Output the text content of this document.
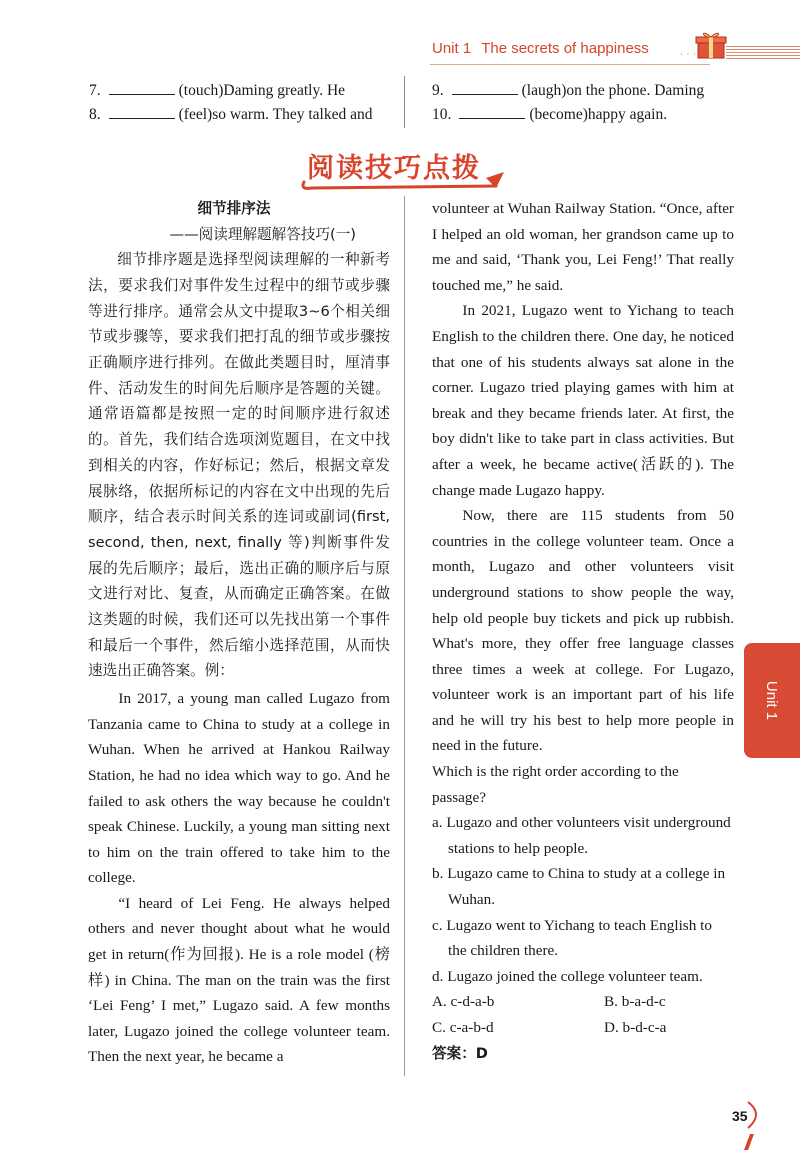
Unit 1 The secrets of happiness	· · ·
7.	(touch)Daming greatly. He
8.	(feel)so warm. They talked and
9.	(laugh)on the phone. Daming
10.	(become)happy again.
阅读技巧点拨

细节排序法

——阅读理解题解答技巧(一)

细节排序题是选择型阅读理解的一种新考法，要求我们对事件发生过程中的细节或步骤等进行排序。通常会从文中提取3~6个相关细节或步骤等，要求我们把打乱的细节或步骤按正确顺序进行排列。在做此类题目时，厘清事件、活动发生的时间先后顺序是答题的关键。通常语篇都是按照一定的时间顺序进行叙述的。首先，我们结合选项浏览题目，在文中找到相关的内容，作好标记；然后，根据文章发展脉络，依据所标记的内容在文中出现的先后顺序，结合表示时间关系的连词或副词(first, second, then, next, finally 等)判断事件发展的先后顺序；最后，选出正确的顺序后与原文进行对比、复查，从而确定正确答案。在做这类题的时候，我们还可以先找出第一个事件和最后一个事件，然后缩小选择范围，从而快速选出正确答案。例：

In 2017, a young man called Lugazo from Tanzania came to China to study at a college in Wuhan. When he arrived at Hankou Railway Station, he had no idea which way to go. And he failed to ask others the way because he couldn't speak Chinese. Luckily, a young man sitting next to him on the train offered to take him to the college.

“I heard of Lei Feng. He always helped others and never thought about what he would get in return(作为回报). He is a role model (榜样) in China. The man on the train was the first ‘Lei Feng’ I met,” Lugazo said. A few months later, Lugazo joined the college volunteer team. Then the next year, he became a

volunteer at Wuhan Railway Station. “Once, after I helped an old woman, her grandson came up to me and said, ‘Thank you, Lei Feng!’ That really touched me,” he said.

In 2021, Lugazo went to Yichang to teach English to the children there. One day, he noticed that one of his students always sat alone in the corner. Lugazo tried playing games with him at break and they became friends later. At first, the boy didn't like to take part in class activities. But after a week, he became active(活跃的). The change made Lugazo happy.

Now, there are 115 students from 50 countries in the college volunteer team. Once a month, Lugazo and other volunteers visit underground stations to show people the way, help old people buy tickets and pick up rubbish. What's more, they offer free language classes three times a week at college. For Lugazo, volunteer work is an important part of his life and he will try his best to help more people in need in the future.

Which is the right order according to the passage?

a. Lugazo and other volunteers visit underground stations to help people.

b. Lugazo came to China to study at a college in Wuhan.

c. Lugazo went to Yichang to teach English to the children there.

d. Lugazo joined the college volunteer team.

A. c-d-a-b	B. b-a-d-c
C. c-a-b-d	D. b-d-c-a

答案：D

Unit 1
35
